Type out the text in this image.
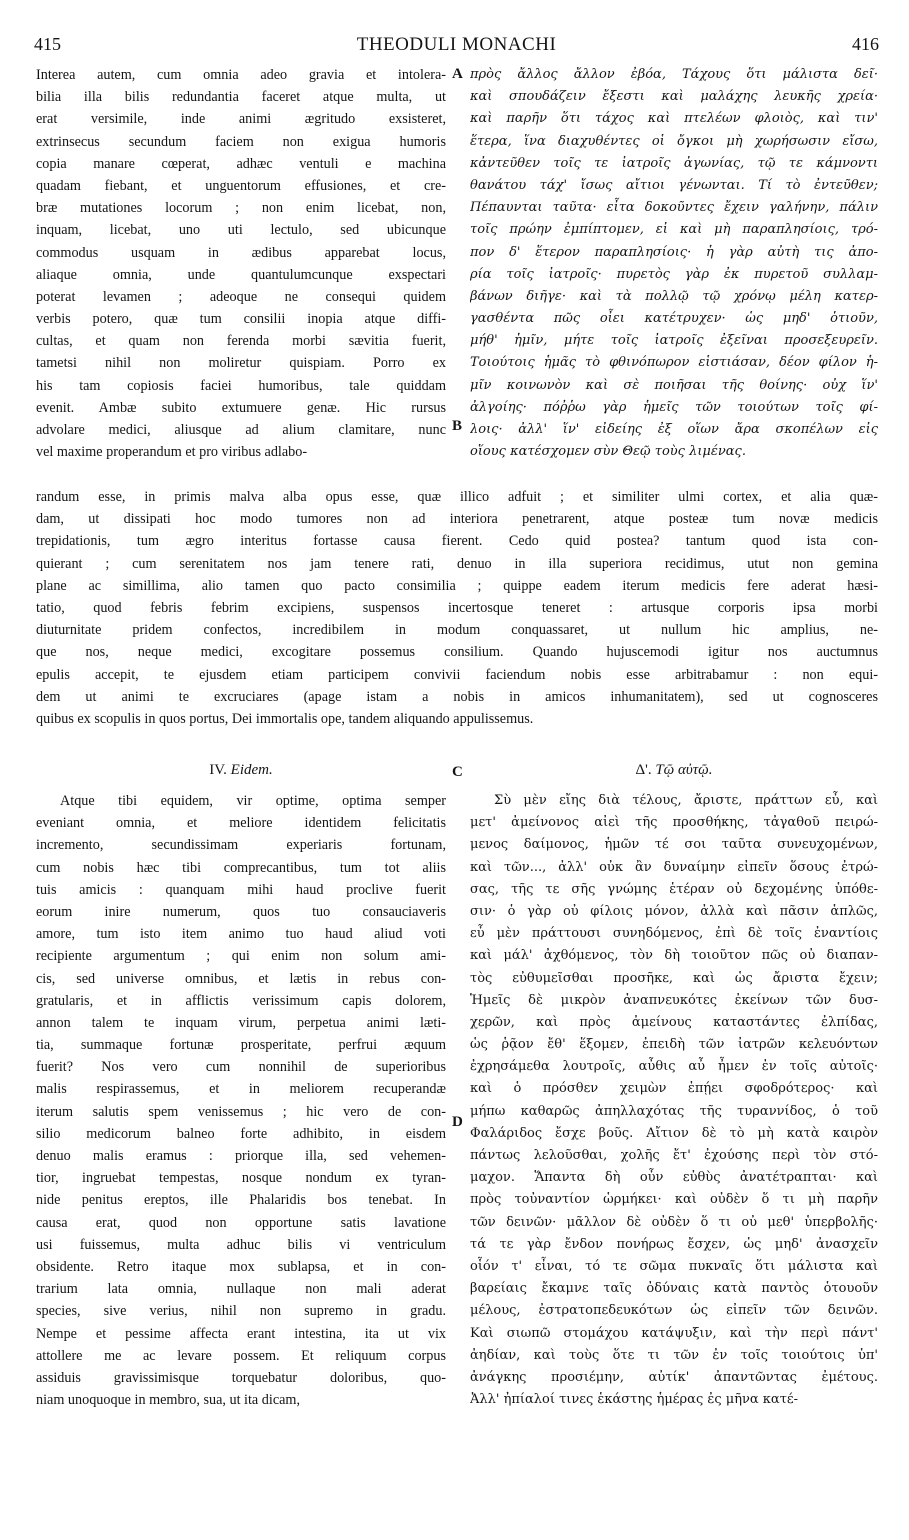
415	THEODULI MONACHI	416
Interea autem, cum omnia adeo gravia et intolera-
bilia illa bilis redundantia faceret atque multa, ut
erat versimile, inde animi ægritudo exsisteret,
extrinsecus secundum faciem non exigua humoris
copia manare cœperat, adhæc ventuli e machina
quadam fiebant, et unguentorum effusiones, et cre-
bræ mutationes locorum ; non enim licebat, non,
inquam, licebat, uno uti lectulo, sed ubicunque
commodus usquam in ædibus apparebat locus,
aliaque omnia, unde quantulumcunque exspectari
poterat levamen ; adeoque ne consequi quidem
verbis potero, quæ tum consilii inopia atque diffi-
cultas, et quam non ferenda morbi sævitia fuerit,
tametsi nihil non moliretur quispiam. Porro ex
his tam copiosis faciei humoribus, tale quiddam
evenit. Ambæ subito extumuere genæ. Hic rursus
advolare medici, aliusque ad alium clamitare, nunc
vel maxime properandum et pro viribus adlabo-
πρὸς ἄλλος ἄλλον ἐβόα, Τάχους ὅτι μάλιστα δεῖ·
καὶ σπουδάζειν ἔξεστι καὶ μαλάχης λευκῆς χρεία·
καὶ παρῆν ὅτι τάχος καὶ πτελέων φλοιὸς, καὶ τιν'
ἕτερα, ἵνα διαχυθέντες οἱ ὄγκοι μὴ χωρήσωσιν εἴσω,
κἀντεῦθεν τοῖς τε ἰατροῖς ἀγωνίας, τῷ τε κάμνοντι
θανάτου τάχ' ἴσως αἴτιοι γένωνται. Τί τὸ ἐντεῦθεν;
Πέπαυνται ταῦτα· εἶτα δοκοῦντες ἔχειν γαλήνην, πάλιν
τοῖς πρώην ἐμπίπτομεν, εἰ καὶ μὴ παραπλησίοις, τρό-
πον δ' ἕτερον παραπλησίοις· ἡ γὰρ αὐτὴ τις ἀπο-
ρία τοῖς ἰατροῖς· πυρετὸς γὰρ ἐκ πυρετοῦ συλλαμ-
βάνων διῆγε· καὶ τὰ πολλῷ τῷ χρόνῳ μέλη κατερ-
γασθέντα πῶς οἶει κατέτρυχεν· ὡς μηδ' ὁτιοῦν,
μήθ' ἡμῖν, μήτε τοῖς ἰατροῖς ἐξεῖναι προσεξευρεῖν.
Τοιούτοις ἡμᾶς τὸ φθινόπωρον εἱστιάσαν, δέον φίλον ἡ-
μῖν κοινωνὸν καὶ σὲ ποιῆσαι τῆς θοίνης· οὐχ ἵν'
ἀλγοίης· πόῤῥω γὰρ ἡμεῖς τῶν τοιούτων τοῖς φί-
λοις· ἀλλ' ἵν' εἰδείης ἐξ οἵων ἄρα σκοπέλων εἰς
οἵους κατέσχομεν σὺν Θεῷ τοὺς λιμένας.
randum esse, in primis malva alba opus esse, quæ illico adfuit ; et similiter ulmi cortex, et alia quæ-
dam, ut dissipati hoc modo tumores non ad interiora penetrarent, atque posteæ tum novæ medicis
trepidationis, tum ægro interitus fortasse causa fierent. Cedo quid postea? tantum quod ista con-
quierant ; cum serenitatem nos jam tenere rati, denuo in illa superiora recidimus, utut non gemina
plane ac simillima, alio tamen quo pacto consimilia ; quippe eadem iterum medicis fere aderat hæsi-
tatio, quod febris febrim excipiens, suspensos incertosque teneret : artusque corporis ipsa morbi
diuturnitate pridem confectos, incredibilem in modum conquassaret, ut nullum hic amplius, ne-
que nos, neque medici, excogitare possemus consilium. Quando hujuscemodi igitur nos auctumnus
epulis accepit, te ejusdem etiam participem convivii faciendum nobis esse arbitrabamur : non equi-
dem ut animi te excruciares (apage istam a nobis in amicos inhumanitatem), sed ut cognosceres
quibus ex scopulis in quos portus, Dei immortalis ope, tandem aliquando appulissemus.
IV. Eidem.	Δ'. Τῷ αὐτῷ.
Atque tibi equidem, vir optime, optima semper
eveniant omnia, et meliore identidem felicitatis
incremento, secundissimam experiaris fortunam,
cum nobis hæc tibi comprecantibus, tum tot aliis
tuis amicis : quanquam mihi haud proclive fuerit
eorum inire numerum, quos tuo consauciaveris
amore, tum isto item animo tuo haud aliud voti
recipiente argumentum ; qui enim non solum ami-
cis, sed universe omnibus, et lætis in rebus con-
gratularis, et in afflictis verissimum capis dolorem,
annon talem te inquam virum, perpetua animi læti-
tia, summaque fortunæ prosperitate, perfrui æquum
fuerit? Nos vero cum nonnihil de superioribus
malis respirassemus, et in meliorem recuperandæ
iterum salutis spem venissemus ; hic vero de con-
silio medicorum balneo forte adhibito, in eisdem
denuo malis eramus : priorque illa, sed vehemen-
tior, ingruebat tempestas, nosque nondum ex tyran-
nide penitus ereptos, ille Phalaridis bos tenebat. In
causa erat, quod non opportune satis lavatione
usi fuissemus, multa adhuc bilis vi ventriculum
obsidente. Retro itaque mox sublapsa, et in con-
trarium lata omnia, nullaque non mali aderat
species, sive verius, nihil non supremo in gradu.
Nempe et pessime affecta erant intestina, ita ut vix
attollere me ac levare possem. Et reliquum corpus
assiduis gravissimisque torquebatur doloribus, quo-
niam unoquoque in membro, sua, ut ita dicam,
Σὺ μὲν εἴης διὰ τέλους, ἄριστε, πράττων εὖ, καὶ
μετ' ἀμείνονος αἰεὶ τῆς προσθήκης, τἀγαθοῦ πειρώ-
μενος δαίμονος, ἡμῶν τέ σοι ταῦτα συνευχομένων,
καὶ τῶν..., ἀλλ' οὐκ ἂν δυναίμην εἰπεῖν ὅσους ἐτρώ-
σας, τῆς τε σῆς γνώμης ἑτέραν οὐ δεχομένης ὑπόθε-
σιν· ὁ γὰρ οὐ φίλοις μόνον, ἀλλὰ καὶ πᾶσιν ἁπλῶς,
εὖ μὲν πράττουσι συνηδόμενος, ἐπὶ δὲ τοῖς ἐναντίοις
καὶ μάλ' ἀχθόμενος, τὸν δὴ τοιοῦτον πῶς οὐ διαπαν-
τὸς εὐθυμεῖσθαι προσῆκε, καὶ ὡς ἄριστα ἔχειν;
Ἡμεῖς δὲ μικρὸν ἀναπνευκότες ἐκείνων τῶν δυσ-
χερῶν, καὶ πρὸς ἀμείνους καταστάντες ἐλπίδας,
ὡς ῥᾷον ἔθ' ἕξομεν, ἐπειδὴ τῶν ἰατρῶν κελευόντων
ἐχρησάμεθα λουτροῖς, αὖθις αὖ ἦμεν ἐν τοῖς αὐτοῖς·
καὶ ὁ πρόσθεν χειμὼν ἐπῄει σφοδρότερος· καὶ
μήπω καθαρῶς ἀπηλλαχότας τῆς τυραννίδος, ὁ τοῦ
Φαλάριδος ἔσχε βοῦς. Αἴτιον δὲ τὸ μὴ κατὰ καιρὸν
πάντως λελοῦσθαι, χολῆς ἔτ' ἐχούσης περὶ τὸν στό-
μαχον. Ἅπαντα δὴ οὖν εὐθὺς ἀνατέτραπται· καὶ
πρὸς τοὐναντίον ὡρμήκει· καὶ οὐδὲν ὅ τι μὴ παρῆν
τῶν δεινῶν· μᾶλλον δὲ οὐδὲν ὅ τι οὐ μεθ' ὑπερβολῆς·
τά τε γὰρ ἔνδον πονήρως ἔσχεν, ὡς μηδ' ἀνασχεῖν
οἷόν τ' εἶναι, τό τε σῶμα πυκναῖς ὅτι μάλιστα καὶ
βαρείαις ἔκαμνε ταῖς ὀδύναις κατὰ παντὸς ὁτουοῦν
μέλους, ἐστρατοπεδευκότων ὡς εἰπεῖν τῶν δεινῶν.
Καὶ σιωπῶ στομάχου κατάψυξιν, καὶ τὴν περὶ πάντ'
ἀηδίαν, καὶ τοὺς ὅτε τι τῶν ἐν τοῖς τοιούτοις ὑπ'
ἀνάγκης προσιέμην, αὐτίκ' ἀπαντῶντας ἐμέτους.
Ἀλλ' ἠπίαλοί τινες ἑκάστης ἡμέρας ἐς μῆνα κατέ-
A
B
C
D
